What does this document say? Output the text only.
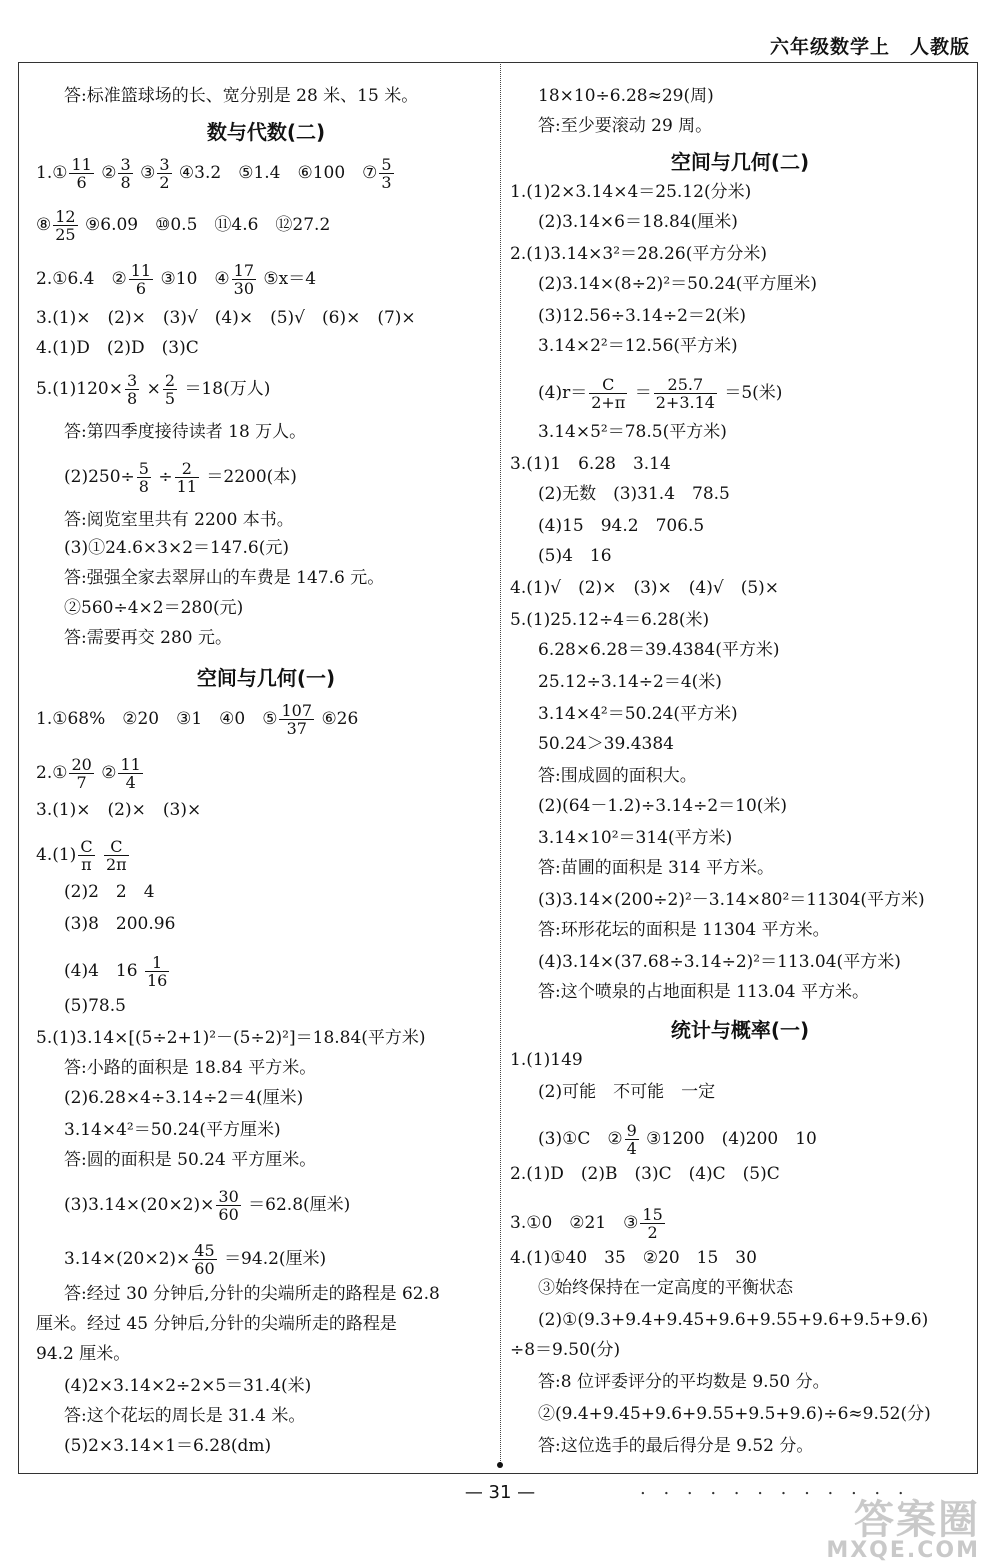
六年级数学上　人教版
答:标准篮球场的长、宽分别是 28 米、15 米。
数与代数(二)
1.① $\frac{11}{6}$ ② $\frac{3}{8}$ ③ $\frac{3}{2}$ ④3.2　⑤1.4　⑥100　⑦ $\frac{5}{3}$
⑧ $\frac{12}{25}$ ⑨6.09　⑩0.5　⑪4.6　⑫27.2
2.①6.4　② $\frac{11}{6}$ ③10　④ $\frac{17}{30}$ ⑤x＝4
3.(1)×　(2)×　(3)√　(4)×　(5)√　(6)×　(7)×
4.(1)D　(2)D　(3)C
$5.(1)120\times \frac{3}{8} \times \frac{2}{5} =18$(万人)
答:第四季度接待读者 18 万人。
$(2)250\div \frac{5}{8} \div \frac{2}{11} =2200$(本)
答:阅览室里共有 2200 本书。
(3)①24.6×3×2＝147.6(元)
答:强强全家去翠屏山的车费是 147.6 元。
②560÷4×2＝280(元)
答:需要再交 280 元。
空间与几何(一)
1.①68%　②20　③1　④0　⑤ $\frac{107}{37}$ ⑥26
2.① $\frac{20}{7}$ ② $\frac{11}{4}$
3.(1)×　(2)×　(3)×
$4.(1) \frac{C}{\pi}$
$\frac{C}{2\pi}$
(2)2　2　4
(3)8　200.96
(4)4　$16 \frac{1}{16}$
(5)78.5
5.(1)3.14×[(5÷2+1)²－(5÷2)²]＝18.84(平方米)
答:小路的面积是 18.84 平方米。
(2)6.28×4÷3.14÷2＝4(厘米)
3.14×4²＝50.24(平方厘米)
答:圆的面积是 50.24 平方厘米。
$(3)3.14\times(20\times 2)\times \frac{30}{60} =62.8$(厘米)
$3.14\times(20\times 2)\times \frac{45}{60} =94.2$(厘米)
答:经过 30 分钟后,分针的尖端所走的路程是 62.8
厘米。经过 45 分钟后,分针的尖端所走的路程是
94.2 厘米。
(4)2×3.14×2÷2×5＝31.4(米)
答:这个花坛的周长是 31.4 米。
(5)2×3.14×1＝6.28(dm)
18×10÷6.28≈29(周)
答:至少要滚动 29 周。
空间与几何(二)
1.(1)2×3.14×4＝25.12(分米)
(2)3.14×6＝18.84(厘米)
2.(1)3.14×3²＝28.26(平方分米)
(2)3.14×(8÷2)²＝50.24(平方厘米)
(3)12.56÷3.14÷2＝2(米)
3.14×2²＝12.56(平方米)
$(4)r= \frac{C}{2+\pi} = \frac{25.7}{2+3.14} =5$(米)
3.14×5²＝78.5(平方米)
3.(1)1　6.28　3.14
(2)无数　(3)31.4　78.5
(4)15　94.2　706.5
(5)4　16
4.(1)√　(2)×　(3)×　(4)√　(5)×
5.(1)25.12÷4＝6.28(米)
6.28×6.28＝39.4384(平方米)
25.12÷3.14÷2＝4(米)
3.14×4²＝50.24(平方米)
50.24＞39.4384
答:围成圆的面积大。
(2)(64－1.2)÷3.14÷2＝10(米)
3.14×10²＝314(平方米)
答:苗圃的面积是 314 平方米。
(3)3.14×(200÷2)²－3.14×80²＝11304(平方米)
答:环形花坛的面积是 11304 平方米。
(4)3.14×(37.68÷3.14÷2)²＝113.04(平方米)
答:这个喷泉的占地面积是 113.04 平方米。
统计与概率(一)
1.(1)149
(2)可能　不可能　一定
(3)①C　② $\frac{9}{4}$ ③1200　(4)200　10
2.(1)D　(2)B　(3)C　(4)C　(5)C
3.①0　②21　③ $\frac{15}{2}$
4.(1)①40　35　②20　15　30
③始终保持在一定高度的平衡状态
(2)①(9.3+9.4+9.45+9.6+9.55+9.6+9.5+9.6)
÷8＝9.50(分)
答:8 位评委评分的平均数是 9.50 分。
②(9.4+9.45+9.6+9.55+9.5+9.6)÷6≈9.52(分)
答:这位选手的最后得分是 9.52 分。
— 31 —	. . . . . . . . . . . .
答案圈
MXQE.COM
